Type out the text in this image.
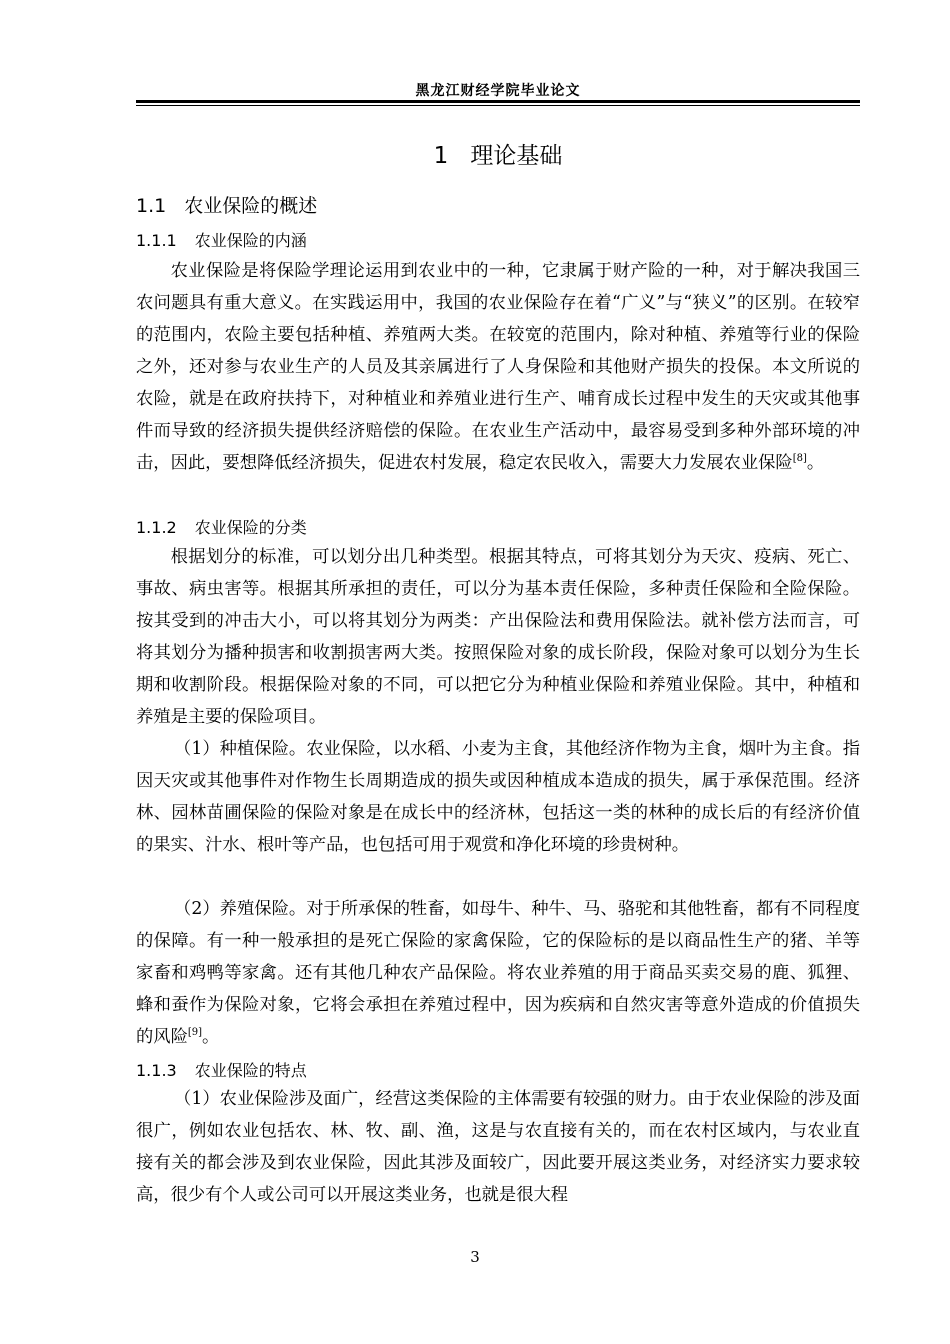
黑龙江财经学院毕业论文
1 理论基础
1.1 农业保险的概述
1.1.1 农业保险的内涵

农业保险是将保险学理论运用到农业中的一种，它隶属于财产险的一种，对于解决我国三农问题具有重大意义。在实践运用中，我国的农业保险存在着“广义”与“狭义”的区别。在较窄的范围内，农险主要包括种植、养殖两大类。在较宽的范围内，除对种植、养殖等行业的保险之外，还对参与农业生产的人员及其亲属进行了人身保险和其他财产损失的投保。本文所说的农险，就是在政府扶持下，对种植业和养殖业进行生产、哺育成长过程中发生的天灾或其他事件而导致的经济损失提供经济赔偿的保险。在农业生产活动中，最容易受到多种外部环境的冲击，因此，要想降低经济损失，促进农村发展，稳定农民收入，需要大力发展农业保险[8]。

1.1.2 农业保险的分类

根据划分的标准，可以划分出几种类型。根据其特点，可将其划分为天灾、疫病、死亡、事故、病虫害等。根据其所承担的责任，可以分为基本责任保险，多种责任保险和全险保险。按其受到的冲击大小，可以将其划分为两类：产出保险法和费用保险法。就补偿方法而言，可将其划分为播种损害和收割损害两大类。按照保险对象的成长阶段，保险对象可以划分为生长期和收割阶段。根据保险对象的不同，可以把它分为种植业保险和养殖业保险。其中，种植和养殖是主要的保险项目。

（1）种植保险。农业保险，以水稻、小麦为主食，其他经济作物为主食，烟叶为主食。指因天灾或其他事件对作物生长周期造成的损失或因种植成本造成的损失，属于承保范围。经济林、园林苗圃保险的保险对象是在成长中的经济林，包括这一类的林种的成长后的有经济价值的果实、汁水、根叶等产品，也包括可用于观赏和净化环境的珍贵树种。

（2）养殖保险。对于所承保的牲畜，如母牛、种牛、马、骆驼和其他牲畜，都有不同程度的保障。有一种一般承担的是死亡保险的家禽保险，它的保险标的是以商品性生产的猪、羊等家畜和鸡鸭等家禽。还有其他几种农产品保险。将农业养殖的用于商品买卖交易的鹿、狐狸、蜂和蚕作为保险对象，它将会承担在养殖过程中，因为疾病和自然灾害等意外造成的价值损失的风险[9]。

1.1.3 农业保险的特点

（1）农业保险涉及面广，经营这类保险的主体需要有较强的财力。由于农业保险的涉及面很广，例如农业包括农、林、牧、副、渔，这是与农直接有关的，而在农村区域内，与农业直接有关的都会涉及到农业保险，因此其涉及面较广，因此要开展这类业务，对经济实力要求较高，很少有个人或公司可以开展这类业务，也就是很大程

3
